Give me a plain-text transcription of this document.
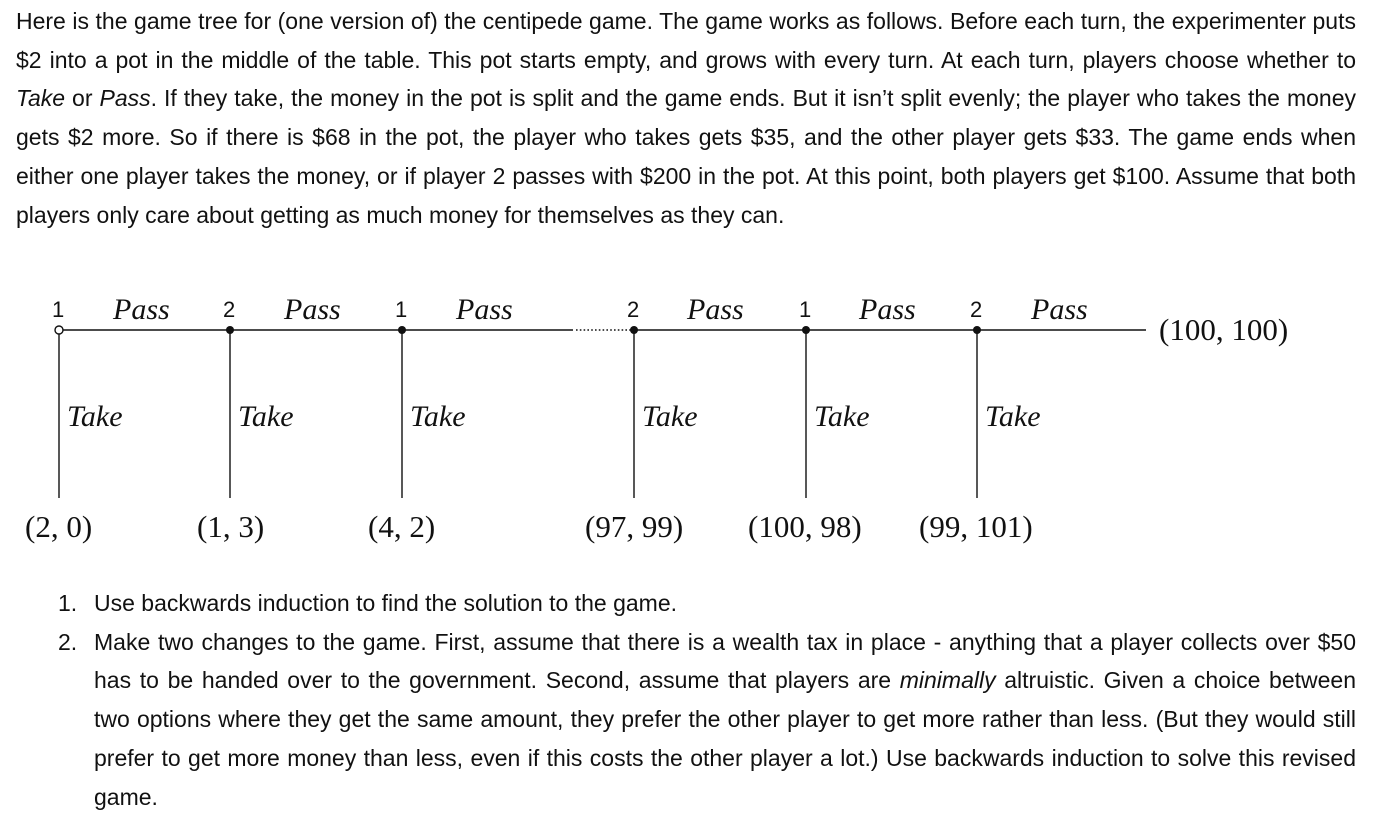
Here is the game tree for (one version of) the centipede game. The game works as follows. Before each turn, the experimenter puts $2 into a pot in the middle of the table. This pot starts empty, and grows with every turn. At each turn, players choose whether to Take or Pass. If they take, the money in the pot is split and the game ends. But it isn’t split evenly; the player who takes the money gets $2 more. So if there is $68 in the pot, the player who takes gets $35, and the other player gets $33. The game ends when either one player takes the money, or if player 2 passes with $200 in the pot. At this point, both players get $100. Assume that both players only care about getting as much money for themselves as they can.

1 Pass
Take
(2, 0)
2 Pass
Take
(1, 3)
1 Pass
Take
(4, 2)
2 Pass
Take
(97, 99)
1 Pass
Take
(100, 98)
2 Pass
Take
(99, 101)
(100, 100)
1. Use backwards induction to find the solution to the game.
2. Make two changes to the game. First, assume that there is a wealth tax in place - anything that a player collects over $50 has to be handed over to the government. Second, assume that players are minimally altruistic. Given a choice between two options where they get the same amount, they prefer the other player to get more rather than less. (But they would still prefer to get more money than less, even if this costs the other player a lot.) Use backwards induction to solve this revised game.
